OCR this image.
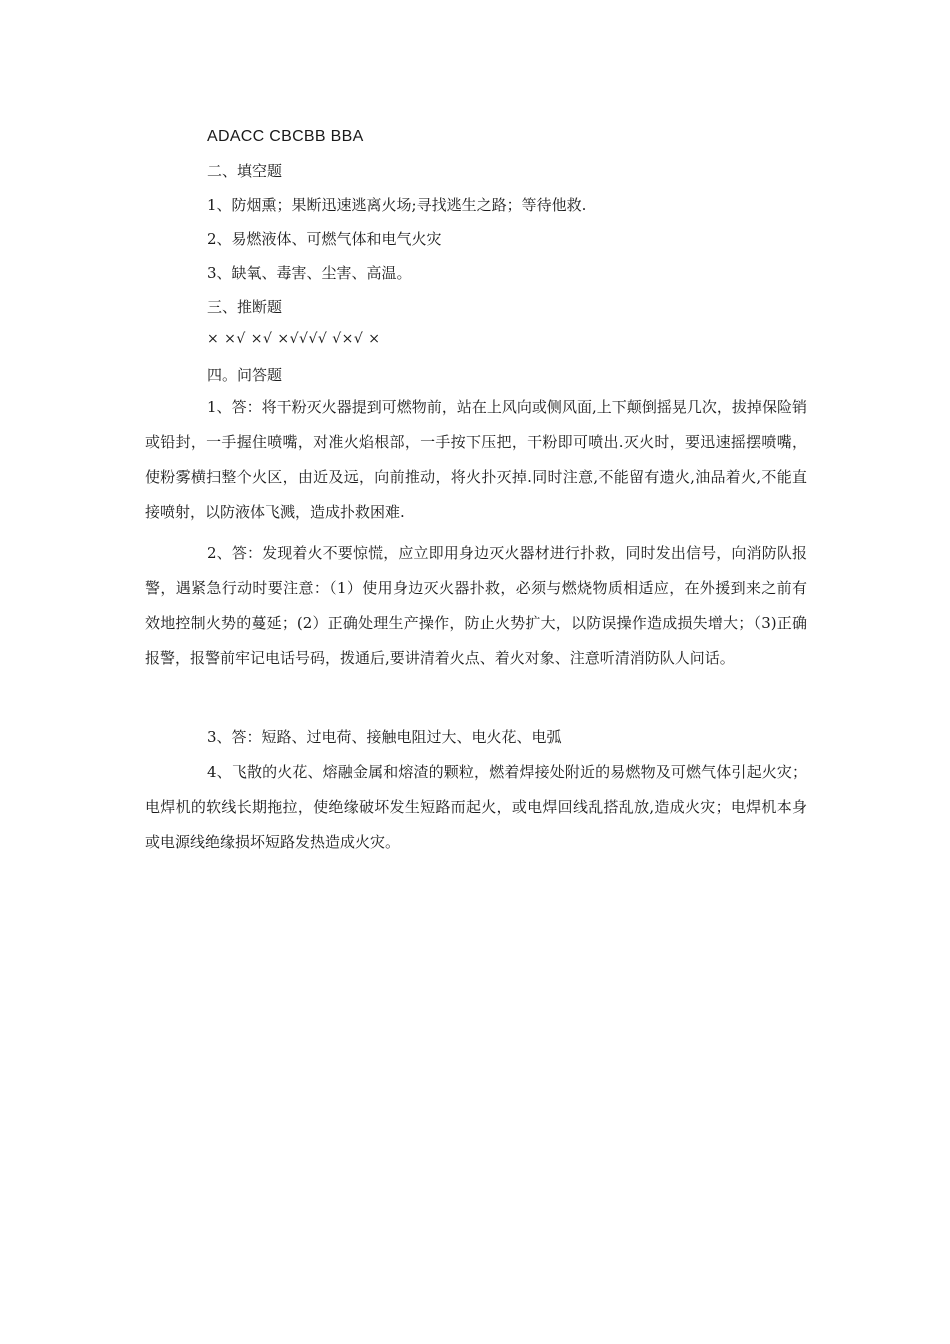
ADACC CBCBB BBA
二、填空题
1、防烟熏；果断迅速逃离火场;寻找逃生之路；等待他救.
2、易燃液体、可燃气体和电气火灾
3、缺氧、毒害、尘害、高温。
三、推断题
× ×√ ×√ ×√√√√ √×√ ×
四。问答题
1、答：将干粉灭火器提到可燃物前，站在上风向或侧风面,上下颠倒摇晃几次，拔掉保险销或铅封，一手握住喷嘴，对准火焰根部，一手按下压把，干粉即可喷出.灭火时，要迅速摇摆喷嘴，使粉雾横扫整个火区，由近及远，向前推动，将火扑灭掉.同时注意,不能留有遗火,油品着火,不能直接喷射，以防液体飞溅，造成扑救困难.
2、答：发现着火不要惊慌，应立即用身边灭火器材进行扑救，同时发出信号，向消防队报警，遇紧急行动时要注意：（1）使用身边灭火器扑救，必须与燃烧物质相适应，在外援到来之前有效地控制火势的蔓延；(2）正确处理生产操作，防止火势扩大，以防误操作造成损失增大；（3)正确报警，报警前牢记电话号码，拨通后,要讲清着火点、着火对象、注意听清消防队人问话。
3、答：短路、过电荷、接触电阻过大、电火花、电弧
4、飞散的火花、熔融金属和熔渣的颗粒，燃着焊接处附近的易燃物及可燃气体引起火灾；电焊机的软线长期拖拉，使绝缘破坏发生短路而起火，或电焊回线乱搭乱放,造成火灾；电焊机本身或电源线绝缘损坏短路发热造成火灾。
